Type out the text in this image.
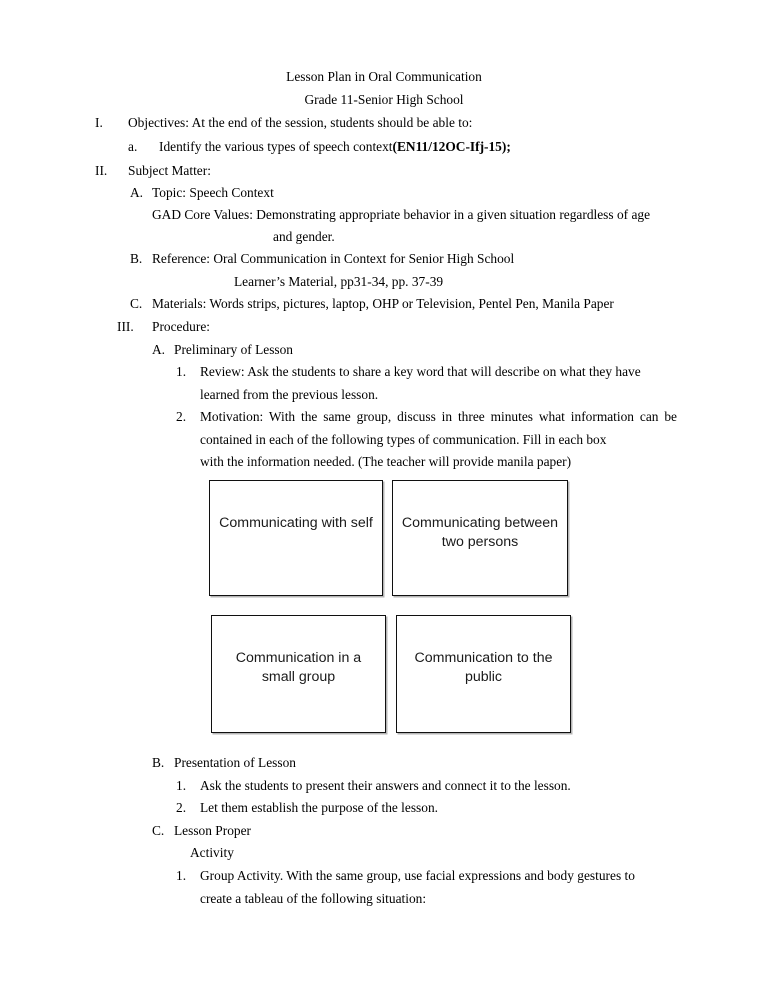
Lesson Plan in Oral Communication
Grade 11-Senior High School
I. Objectives: At the end of the session, students should be able to:
a. Identify the various types of speech context(EN11/12OC-Ifj-15);
II. Subject Matter:
A. Topic: Speech Context
GAD Core Values: Demonstrating appropriate behavior in a given situation regardless of age
and gender.
B. Reference: Oral Communication in Context for Senior High School
Learner’s Material, pp31-34, pp. 37-39
C. Materials: Words strips, pictures, laptop, OHP or Television, Pentel Pen, Manila Paper
III. Procedure:
A. Preliminary of Lesson
1. Review: Ask the students to share a key word that will describe on what they have
learned from the previous lesson.
2. Motivation: With the same group, discuss in three minutes what information can be contained in each of the following types of communication. Fill in each box
with the information needed. (The teacher will provide manila paper)
Communicating with self Communicating between two persons
Communication in a small group
Communication to the public
B. Presentation of Lesson
1. Ask the students to present their answers and connect it to the lesson.
2. Let them establish the purpose of the lesson.
C. Lesson Proper
Activity
1. Group Activity. With the same group, use facial expressions and body gestures to
create a tableau of the following situation:
